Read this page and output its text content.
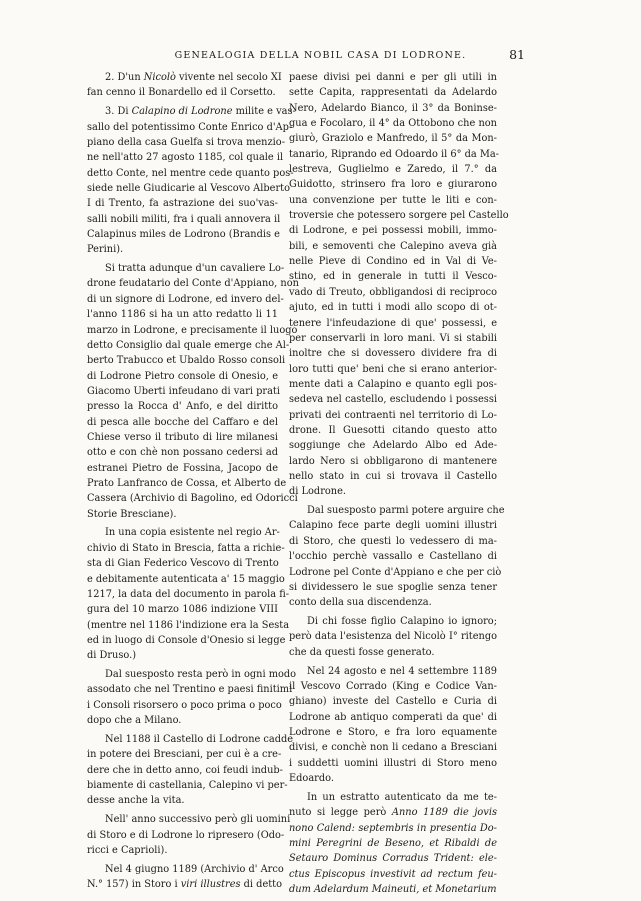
GENEALOGIA DELLA NOBIL CASA DI LODRONE.	81
2. D'un Nicolò vivente nel secolo XI
fan cenno il Bonardello ed il Corsetto.
3. Di Calapino di Lodrone milite e vas-
sallo del potentissimo Conte Enrico d'Ap-
piano della casa Guelfa si trova menzio-
ne nell'atto 27 agosto 1185, col quale il
detto Conte, nel mentre cede quanto pos-
siede nelle Giudicarie al Vescovo Alberto
I di Trento, fa astrazione dei suo'vas-
salli nobili militi, fra i quali annovera il
Calapinus miles de Lodrono (Brandis e
Perini).
Si tratta adunque d'un cavaliere Lo-
drone feudatario del Conte d'Appiano, non
di un signore di Lodrone, ed invero del-
l'anno 1186 si ha un atto redatto li 11
marzo in Lodrone, e precisamente il luogo
detto Consiglio dal quale emerge che Al-
berto Trabucco et Ubaldo Rosso consoli
di Lodrone Pietro console di Onesio, e
Giacomo Uberti infeudano di vari prati
presso la Rocca d' Anfo, e del diritto
di pesca alle bocche del Caffaro e del
Chiese verso il tributo di lire milanesi
otto e con chè non possano cedersi ad
estranei Pietro de Fossina, Jacopo de
Prato Lanfranco de Cossa, et Alberto de
Cassera (Archivio di Bagolino, ed Odoricci
Storie Bresciane).
In una copia esistente nel regio Ar-
chivio di Stato in Brescia, fatta a richie-
sta di Gian Federico Vescovo di Trento
e debitamente autenticata a' 15 maggio
1217, la data del documento in parola fi-
gura del 10 marzo 1086 indizione VIII
(mentre nel 1186 l'indizione era la Sesta
ed in luogo di Console d'Onesio si legge
di Druso.)
Dal suesposto resta però in ogni modo
assodato che nel Trentino e paesi finitimi
i Consoli risorsero o poco prima o poco
dopo che a Milano.
Nel 1188 il Castello di Lodrone cadde
in potere dei Bresciani, per cui è a cre-
dere che in detto anno, coi feudi indub-
biamente di castellania, Calepino vi per-
desse anche la vita.
Nell' anno successivo però gli uomini
di Storo e di Lodrone lo ripresero (Odo-
ricci e Caprioli).
Nel 4 giugno 1189 (Archivio d' Arco
N.° 157) in Storo i viri illustres di detto
paese divisi pei danni e per gli utili in
sette Capita, rappresentati da Adelardo
Nero, Adelardo Bianco, il 3° da Boninse-
gua e Focolaro, il 4° da Ottobono che non
giurò, Graziolo e Manfredo, il 5° da Mon-
tanario, Riprando ed Odoardo il 6° da Ma-
lestreva, Guglielmo e Zaredo, il 7.° da
Guidotto, strinsero fra loro e giurarono
una convenzione per tutte le liti e con-
troversie che potessero sorgere pel Castello
di Lodrone, e pei possessi mobili, immo-
bili, e semoventi che Calepino aveva già
nelle Pieve di Condino ed in Val di Ve-
stino, ed in generale in tutti il Vesco-
vado di Treuto, obbligandosi di reciproco
ajuto, ed in tutti i modi allo scopo di ot-
tenere l'infeudazione di que' possessi, e
per conservarli in loro mani. Vi si stabili
inoltre che si dovessero dividere fra di
loro tutti que' beni che si erano anterior-
mente dati a Calapino e quanto egli pos-
sedeva nel castello, escludendo i possessi
privati dei contraenti nel territorio di Lo-
drone. Il Guesotti citando questo atto
soggiunge che Adelardo Albo ed Ade-
lardo Nero si obbligarono di mantenere
nello stato in cui si trovava il Castello
di Lodrone.
Dal suesposto parmi potere arguire che
Calapino fece parte degli uomini illustri
di Storo, che questi lo vedessero di ma-
l'occhio perchè vassallo e Castellano di
Lodrone pel Conte d'Appiano e che per ciò
si dividessero le sue spoglie senza tener
conto della sua discendenza.
Di chi fosse figlio Calapino io ignoro;
però data l'esistenza del Nicolò I° ritengo
che da questi fosse generato.
Nel 24 agosto e nel 4 settembre 1189
il Vescovo Corrado (King e Codice Van-
ghiano) investe del Castello e Curia di
Lodrone ab antiquo comperati da que' di
Lodrone e Storo, e fra loro equamente
divisi, e conchè non li cedano a Bresciani
i suddetti uomini illustri di Storo meno
Edoardo.
In un estratto autenticato da me te-
nuto si legge però Anno 1189 die jovis
nono Calend: septembris in presentia Do-
mini Peregrini de Beseno, et Ribaldi de
Setauro Dominus Corradus Trident: ele-
ctus Episcopus investivit ad rectum feu-
dum Adelardum Maineuti, et Monetarium
